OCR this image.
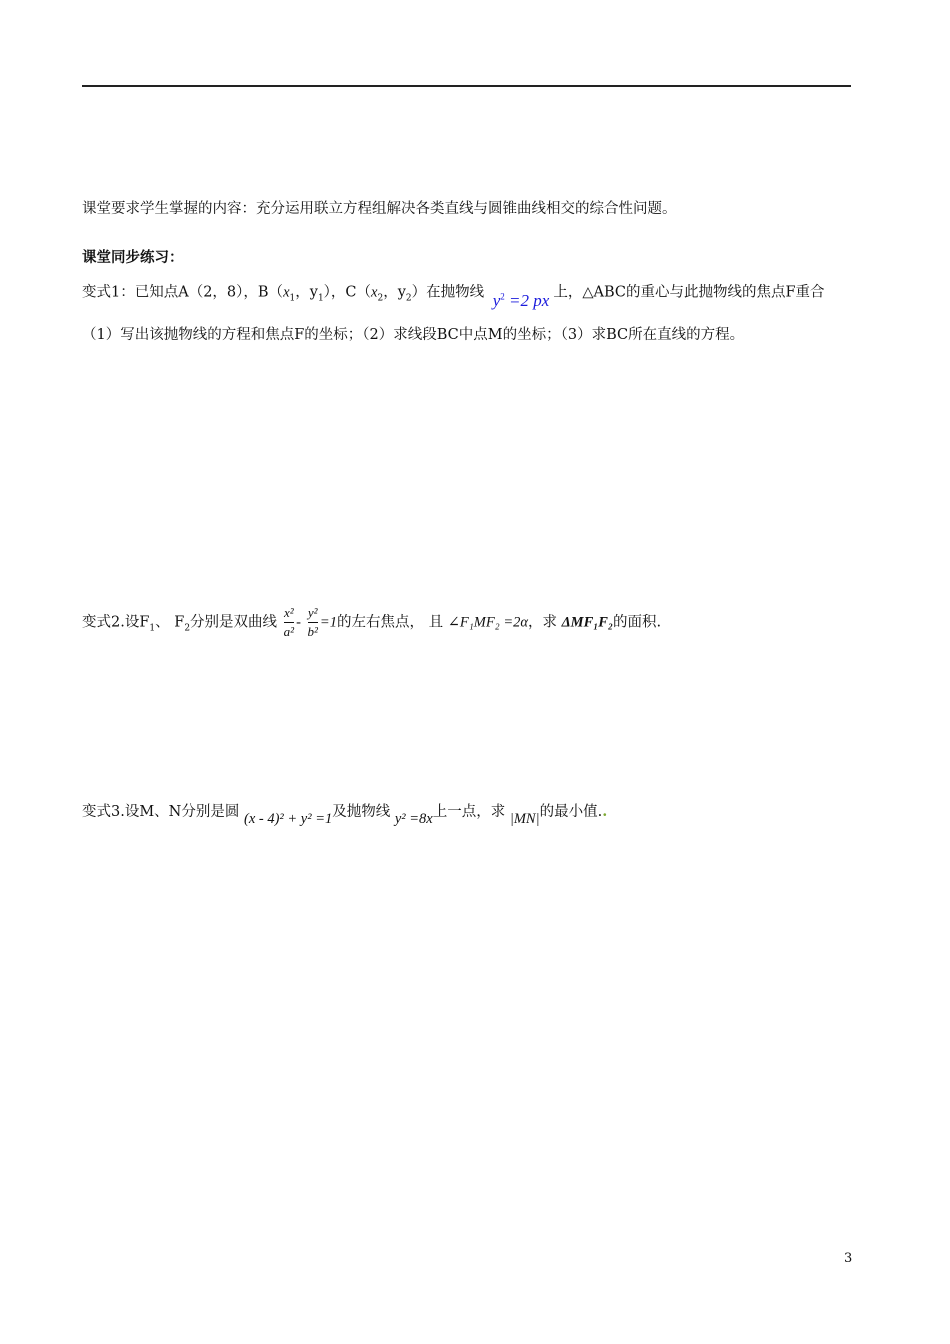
课堂要求学生掌握的内容：充分运用联立方程组解决各类直线与圆锥曲线相交的综合性问题。
课堂同步练习：
变式1：已知点A（2，8），$B(x_1$，$y_1$），$C(x_2$，$y_2$）在抛物线 $y^2 =2$ px 上，△ABC的重心与此抛物线的焦点F重合
（1）写出该抛物线的方程和焦点F的坐标；（2）求线段BC中点M的坐标；（3）求BC所在直线的方程。
变式2.设$F_1$、 $F_2$分别是双曲线 $\frac{\text{x²}}{\text{a²}} - \frac{\text{y²}}{\text{b²}} =1$的左右焦点， 且 ∠F₁MF₂ =2α，求 ΔMF₁F₂的面积.
变式3.设M、N分别是圆 (x - 4)² + y² =1及抛物线 y² =8x上一点，求 |MN|的最小值..
3
